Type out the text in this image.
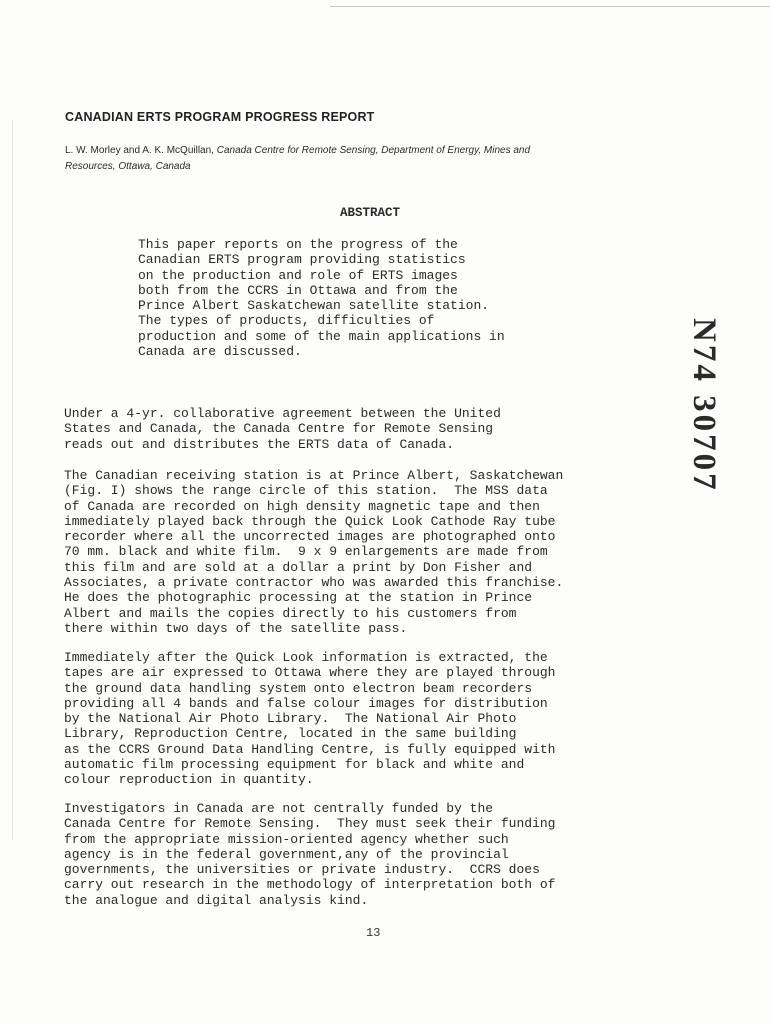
CANADIAN ERTS PROGRAM PROGRESS REPORT

L. W. Morley and A. K. McQuillan, Canada Centre for Remote Sensing, Department of Energy, Mines and
Resources, Ottawa, Canada

ABSTRACT

This paper reports on the progress of the
Canadian ERTS program providing statistics
on the production and role of ERTS images
both from the CCRS in Ottawa and from the
Prince Albert Saskatchewan satellite station.
The types of products, difficulties of
production and some of the main applications in
Canada are discussed.

Under a 4-yr. collaborative agreement between the United
States and Canada, the Canada Centre for Remote Sensing
reads out and distributes the ERTS data of Canada.

The Canadian receiving station is at Prince Albert, Saskatchewan
(Fig. I) shows the range circle of this station.  The MSS data
of Canada are recorded on high density magnetic tape and then
immediately played back through the Quick Look Cathode Ray tube
recorder where all the uncorrected images are photographed onto
70 mm. black and white film.  9 x 9 enlargements are made from
this film and are sold at a dollar a print by Don Fisher and
Associates, a private contractor who was awarded this franchise.
He does the photographic processing at the station in Prince
Albert and mails the copies directly to his customers from
there within two days of the satellite pass.

Immediately after the Quick Look information is extracted, the
tapes are air expressed to Ottawa where they are played through
the ground data handling system onto electron beam recorders
providing all 4 bands and false colour images for distribution
by the National Air Photo Library.  The National Air Photo
Library, Reproduction Centre, located in the same building
as the CCRS Ground Data Handling Centre, is fully equipped with
automatic film processing equipment for black and white and
colour reproduction in quantity.

Investigators in Canada are not centrally funded by the
Canada Centre for Remote Sensing.  They must seek their funding
from the appropriate mission-oriented agency whether such
agency is in the federal government,any of the provincial
governments, the universities or private industry.  CCRS does
carry out research in the methodology of interpretation both of
the analogue and digital analysis kind.

13
N74 30707
